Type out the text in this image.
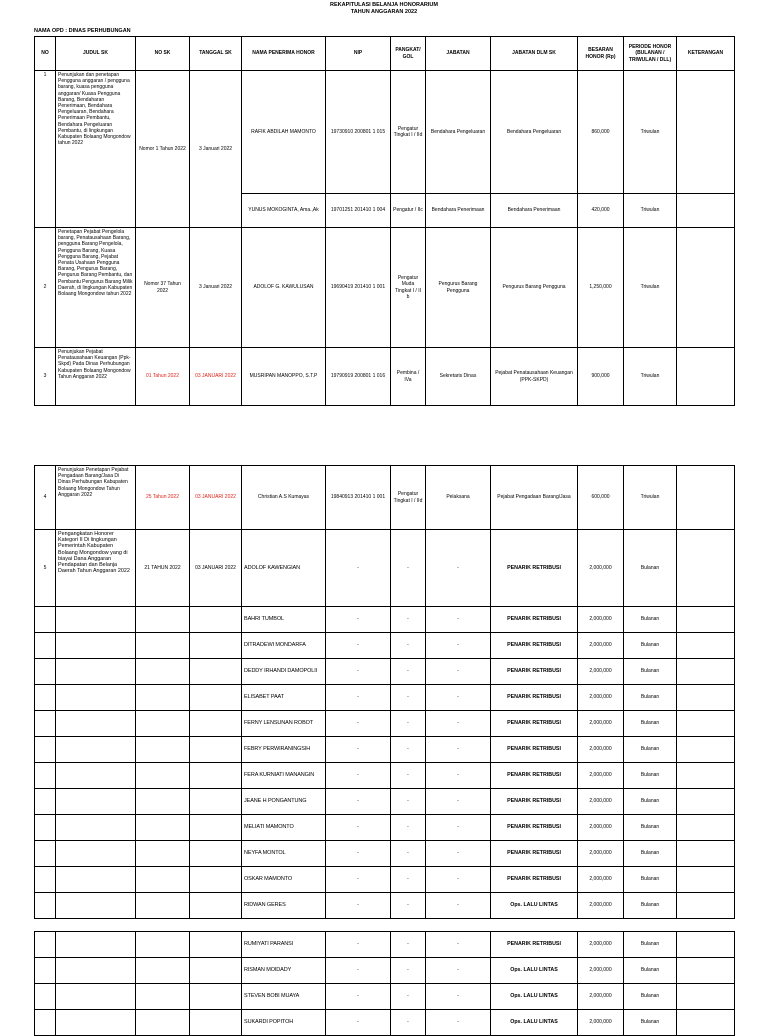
REKAPITULASI BELANJA HONORARIUM
TAHUN ANGGARAN 2022
NAMA OPD : DINAS PERHUBUNGAN
NO	JUDUL SK	NO SK	TANGGAL SK	NAMA PENERIMA HONOR	NIP	PANGKAT/ GOL	JABATAN	JABATAN DLM SK	BESARAN HONOR (Rp)	PERIODE HONOR (BULANAN / TRIWULAN / DLL)	KETERANGAN
1	Penunjukan dan penetapan Pengguna anggaran / pengguna barang, kuasa pengguna anggaran/ Kuasa Pengguna Barang, Bendaharan Penerimaan, Bendahara Pengeluaran, Bendahara Penerimaan Pembantu, Bendahara Pengeluaran Pembantu, di lingkungan Kabupaten Bolaang Mongondow tahun 2022	Nomor 1 Tahun 2022	3 Januari 2022	RAFIK ABDILAH MAMONTO	19730910 200801 1 015	Pengatur Tingkat I / IId	Bendahara Pengeluaran	Bendahara Pengeluaran	860,000	Triwulan	
				YUNUS MOKOGINTA, Ama.,Ak	19701251 201410 1 004	Pengatur / IIc	Bendahara Penerimaan	Bendahara Penerimaan	420,000	Triwulan	
2	Penetapan Pejabat Pengelola barang, Penatausahaan Barang, pengguna Barang Pengelola, Pengguna Barang, Kuasa Pengguna Barang, Pejabat Penata Usahaan Pengguna Barang, Pengurus Barang, Pengurus Barang Pembantu, dan Pembantu Pengurus Barang Milik Daerah, di lingkungan Kabupaten Bolaang Mongondow tahun 2022	Nomor 37 Tahun 2022	3 Januari 2022	ADOLOF G. KAWULUSAN	19690419 201410 1 001	Pengatur Muda Tingkat I / II b	Pengurus Barang Pengguna	Pengurus Barang Pengguna	1,250,000	Triwulan	
3	Penunjukan Pejabat Penatausahaan Keuangan (Ppk-Skpd) Pada Dinas Perhubungan Kabupaten Bolaang Mongondow Tahun Anggaran 2022	01 Tahun 2022	03 JANUARI 2022	MUSRIPAN MANOPPO, S.T.P	19790919 200801 1 016	Pembina / IVa	Sekretaris Dinas	Pejabat Penatausahaan Keuangan (PPK-SKPD)	900,000	Triwulan	
4	Penunjukan Penetapan Pejabat Pengadaan Barang/Jasa Di Dinas Perhubungan Kabupaten Bolaang Mongondow Tahun Anggaran 2022	25 Tahun 2022	03 JANUARI 2022	Christian A.S Kumayas	19840913 201410 1 001	Pengatur Tingkat I / IId	Pelaksana	Pejabat Pengadaan Barang/Jasa	600,000	Triwulan	
5	Pengangkatan Honorer Kategori II Di lingkungan Pemerintah Kabupaten Bolaang Mongondow yang di biayai Dana Anggaran Pendapatan dan Belanja Daerah Tahun Anggaran 2022	21 TAHUN 2022	03 JANUARI 2022	ADOLOF KAWENGIAN	-	-	-	PENARIK RETRIBUSI	2,000,000	Bulanan	
				BAHRI TUMBOL	-	-	-	PENARIK RETRIBUSI	2,000,000	Bulanan	
				DITRADEWI MONDARFA	-	-	-	PENARIK RETRIBUSI	2,000,000	Bulanan	
				DEDDY IRHANDI DAMOPOLII	-	-	-	PENARIK RETRIBUSI	2,000,000	Bulanan	
				ELISABET PAAT	-	-	-	PENARIK RETRIBUSI	2,000,000	Bulanan	
				FERNY LENSUNAN ROBOT	-	-	-	PENARIK RETRIBUSI	2,000,000	Bulanan	
				FEBRY PERWIRANINGSIH	-	-	-	PENARIK RETRIBUSI	2,000,000	Bulanan	
				FERA KURNIATI MANANGIN	-	-	-	PENARIK RETRIBUSI	2,000,000	Bulanan	
				JEANE H PONGANTUNG	-	-	-	PENARIK RETRIBUSI	2,000,000	Bulanan	
				MELIATI MAMONTO	-	-	-	PENARIK RETRIBUSI	2,000,000	Bulanan	
				NEYFA MONTOL	-	-	-	PENARIK RETRIBUSI	2,000,000	Bulanan	
				OSKAR MAMONTO	-	-	-	PENARIK RETRIBUSI	2,000,000	Bulanan	
				RIDWAN GERES	-	-	-	Ops. LALU LINTAS	2,000,000	Bulanan	
				RUMIYATI PARANSI	-	-	-	PENARIK RETRIBUSI	2,000,000	Bulanan	
				RISMAN MOIDADY	-	-	-	Ops. LALU LINTAS	2,000,000	Bulanan	
				STEVEN BOBI MUAYA	-	-	-	Ops. LALU LINTAS	2,000,000	Bulanan	
				SUKARDI POPITOH	-	-	-	Ops. LALU LINTAS	2,000,000	Bulanan	
